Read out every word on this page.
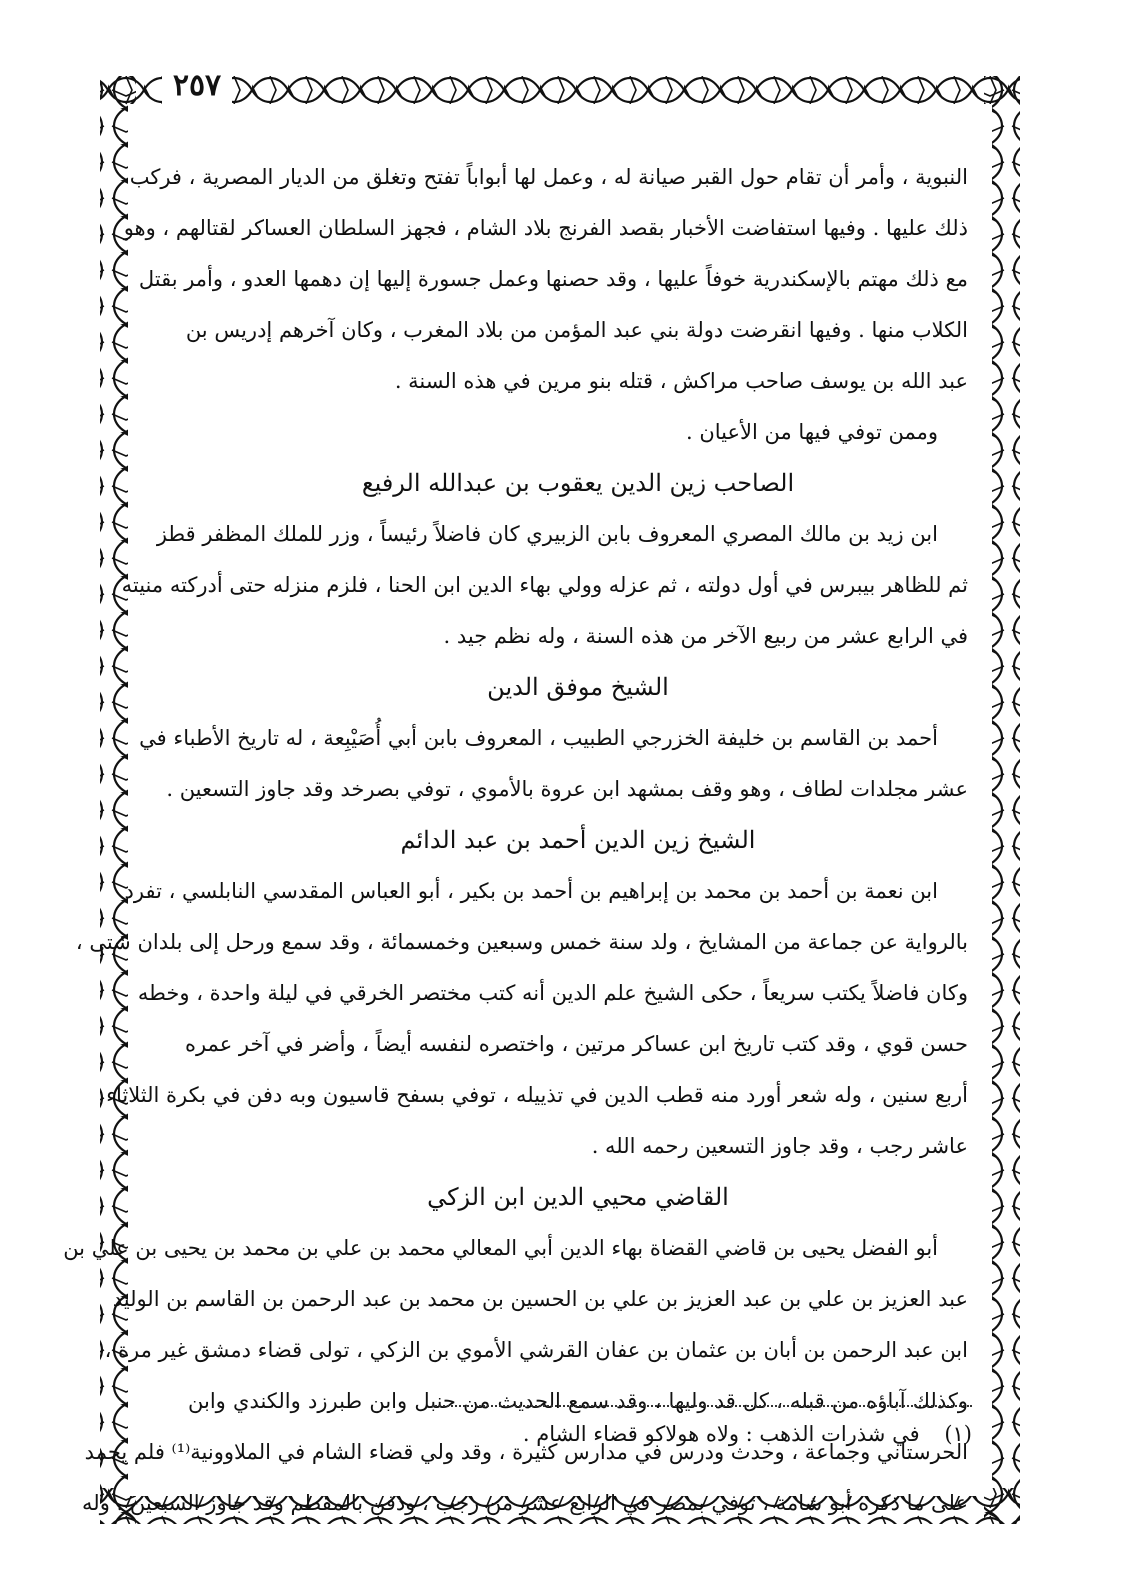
٢٥٧
النبوية ، وأمر أن تقام حول القبر صيانة له ، وعمل لها أبواباً تفتح وتغلق من الديار المصرية ، فركب
ذلك عليها . وفيها استفاضت الأخبار بقصد الفرنج بلاد الشام ، فجهز السلطان العساكر لقتالهم ، وهو
مع ذلك مهتم بالإسكندرية خوفاً عليها ، وقد حصنها وعمل جسورة إليها إن دهمها العدو ، وأمر بقتل
الكلاب منها . وفيها انقرضت دولة بني عبد المؤمن من بلاد المغرب ، وكان آخرهم إدريس بن
عبد الله بن يوسف صاحب مراكش ، قتله بنو مرين في هذه السنة .
وممن توفي فيها من الأعيان .
الصاحب زين الدين يعقوب بن عبدالله الرفيع
ابن زيد بن مالك المصري المعروف بابن الزبيري كان فاضلاً رئيساً ، وزر للملك المظفر قطز
ثم للظاهر بيبرس في أول دولته ، ثم عزله وولي بهاء الدين ابن الحنا ، فلزم منزله حتى أدركته منيته
في الرابع عشر من ربيع الآخر من هذه السنة ، وله نظم جيد .
الشيخ موفق الدين
أحمد بن القاسم بن خليفة الخزرجي الطبيب ، المعروف بابن أبي أُصَيْبِعة ، له تاريخ الأطباء في
عشر مجلدات لطاف ، وهو وقف بمشهد ابن عروة بالأموي ، توفي بصرخد وقد جاوز التسعين .
الشيخ زين الدين أحمد بن عبد الدائم
ابن نعمة بن أحمد بن محمد بن إبراهيم بن أحمد بن بكير ، أبو العباس المقدسي النابلسي ، تفرد
بالرواية عن جماعة من المشايخ ، ولد سنة خمس وسبعين وخمسمائة ، وقد سمع ورحل إلى بلدان شتى ،
وكان فاضلاً يكتب سريعاً ، حكى الشيخ علم الدين أنه كتب مختصر الخرقي في ليلة واحدة ، وخطه
حسن قوي ، وقد كتب تاريخ ابن عساكر مرتين ، واختصره لنفسه أيضاً ، وأضر في آخر عمره
أربع سنين ، وله شعر أورد منه قطب الدين في تذييله ، توفي بسفح قاسيون وبه دفن في بكرة الثلاثاء
عاشر رجب ، وقد جاوز التسعين رحمه الله .
القاضي محيي الدين ابن الزكي
أبو الفضل يحيى بن قاضي القضاة بهاء الدين أبي المعالي محمد بن علي بن محمد بن يحيى بن علي بن
عبد العزيز بن علي بن عبد العزيز بن علي بن الحسين بن محمد بن عبد الرحمن بن القاسم بن الوليد
ابن عبد الرحمن بن أبان بن عثمان بن عفان القرشي الأموي بن الزكي ، تولى قضاء دمشق غير مرة ،
وكذلك آباؤه من قبله ، كل قد وليها ، وقد سمع الحديث من حنبل وابن طبرزد والكندي وابن
الحرستاني وجماعة ، وحدث ودرس في مدارس كثيرة ، وقد ولي قضاء الشام في الملاوونية⁽¹⁾ فلم يحمد
على ما ذكره أبو شامة ، توفي بمصر في الرابع عشر من رجب ، ودفن بالمقطم وقد جاوز السبعين . وله
(١) في شذرات الذهب : ولاه هولاكو قضاء الشام .
